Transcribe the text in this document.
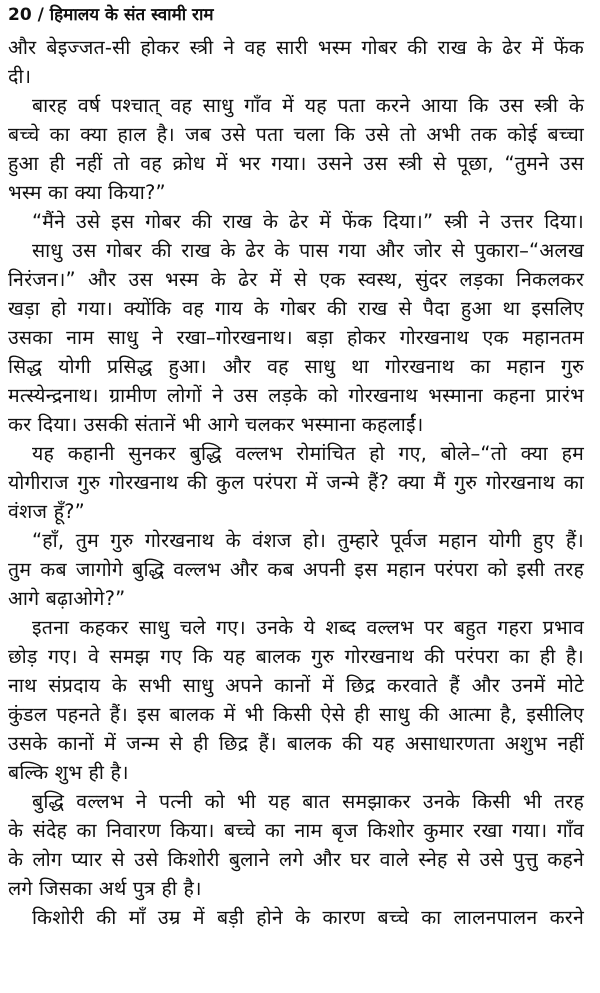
20 / हिमालय के संत स्वामी राम
और बेइज्जत-सी होकर स्त्री ने वह सारी भस्म गोबर की राख के ढेर में फेंक
दी।
बारह वर्ष पश्चात् वह साधु गाँव में यह पता करने आया कि उस स्त्री के
बच्चे का क्या हाल है। जब उसे पता चला कि उसे तो अभी तक कोई बच्चा
हुआ ही नहीं तो वह क्रोध में भर गया। उसने उस स्त्री से पूछा, “तुमने उस
भस्म का क्या किया?”
“मैंने उसे इस गोबर की राख के ढेर में फेंक दिया।” स्त्री ने उत्तर दिया।
साधु उस गोबर की राख के ढेर के पास गया और जोर से पुकारा–“अलख
निरंजन।” और उस भस्म के ढेर में से एक स्वस्थ, सुंदर लड़का निकलकर
खड़ा हो गया। क्योंकि वह गाय के गोबर की राख से पैदा हुआ था इसलिए
उसका नाम साधु ने रखा–गोरखनाथ। बड़ा होकर गोरखनाथ एक महानतम
सिद्ध योगी प्रसिद्ध हुआ। और वह साधु था गोरखनाथ का महान गुरु
मत्स्येन्द्रनाथ। ग्रामीण लोगों ने उस लड़के को गोरखनाथ भस्माना कहना प्रारंभ
कर दिया। उसकी संतानें भी आगे चलकर भस्माना कहलाईं।
यह कहानी सुनकर बुद्धि वल्लभ रोमांचित हो गए, बोले–“तो क्या हम
योगीराज गुरु गोरखनाथ की कुल परंपरा में जन्मे हैं? क्या मैं गुरु गोरखनाथ का
वंशज हूँ?”
“हाँ, तुम गुरु गोरखनाथ के वंशज हो। तुम्हारे पूर्वज महान योगी हुए हैं।
तुम कब जागोगे बुद्धि वल्लभ और कब अपनी इस महान परंपरा को इसी तरह
आगे बढ़ाओगे?”
इतना कहकर साधु चले गए। उनके ये शब्द वल्लभ पर बहुत गहरा प्रभाव
छोड़ गए। वे समझ गए कि यह बालक गुरु गोरखनाथ की परंपरा का ही है।
नाथ संप्रदाय के सभी साधु अपने कानों में छिद्र करवाते हैं और उनमें मोटे
कुंडल पहनते हैं। इस बालक में भी किसी ऐसे ही साधु की आत्मा है, इसीलिए
उसके कानों में जन्म से ही छिद्र हैं। बालक की यह असाधारणता अशुभ नहीं
बल्कि शुभ ही है।
बुद्धि वल्लभ ने पत्नी को भी यह बात समझाकर उनके किसी भी तरह
के संदेह का निवारण किया। बच्चे का नाम बृज किशोर कुमार रखा गया। गाँव
के लोग प्यार से उसे किशोरी बुलाने लगे और घर वाले स्नेह से उसे पुत्तु कहने
लगे जिसका अर्थ पुत्र ही है।
किशोरी की माँ उम्र में बड़ी होने के कारण बच्चे का लालनपालन करने
